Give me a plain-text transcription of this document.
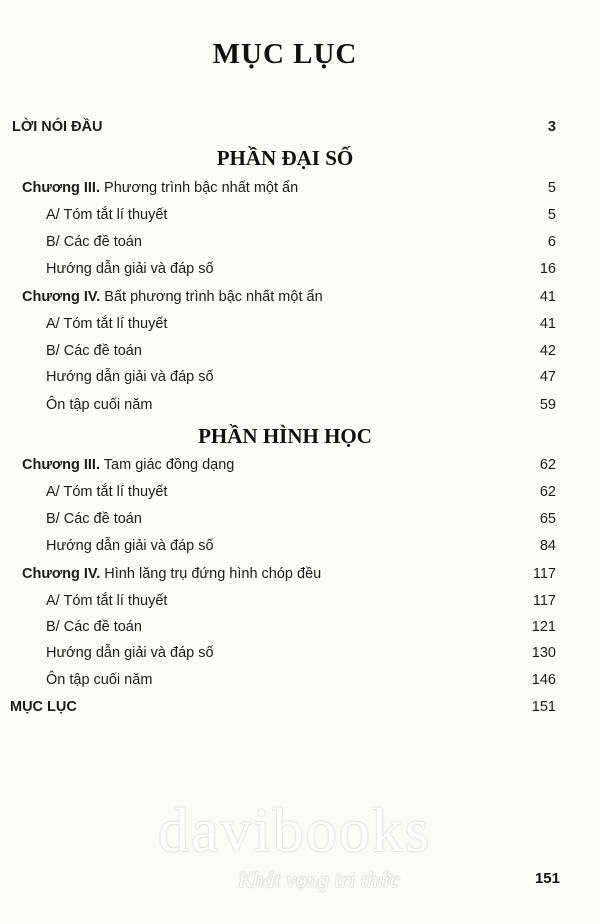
MỤC LỤC
LỜI NÓI ĐẦU	3
PHẦN ĐẠI SỐ
Chương III. Phương trình bậc nhất một ẩn	5
A/ Tóm tắt lí thuyết	5
B/ Các đề toán	6
Hướng dẫn giải và đáp số	16
Chương IV. Bất phương trình bậc nhất một ẩn	41
A/ Tóm tắt lí thuyết	41
B/ Các đề toán	42
Hướng dẫn giải và đáp số	47
Ôn tập cuối năm	59
PHẦN HÌNH HỌC
Chương III. Tam giác đồng dạng	62
A/ Tóm tắt lí thuyết	62
B/ Các đề toán	65
Hướng dẫn giải và đáp số	84
Chương IV. Hình lăng trụ đứng hình chóp đều	117
A/ Tóm tắt lí thuyết	117
B/ Các đề toán	121
Hướng dẫn giải và đáp số	130
Ôn tập cuối năm	146
MỤC LỤC	151
davibooks
Khát vọng tri thức	151
